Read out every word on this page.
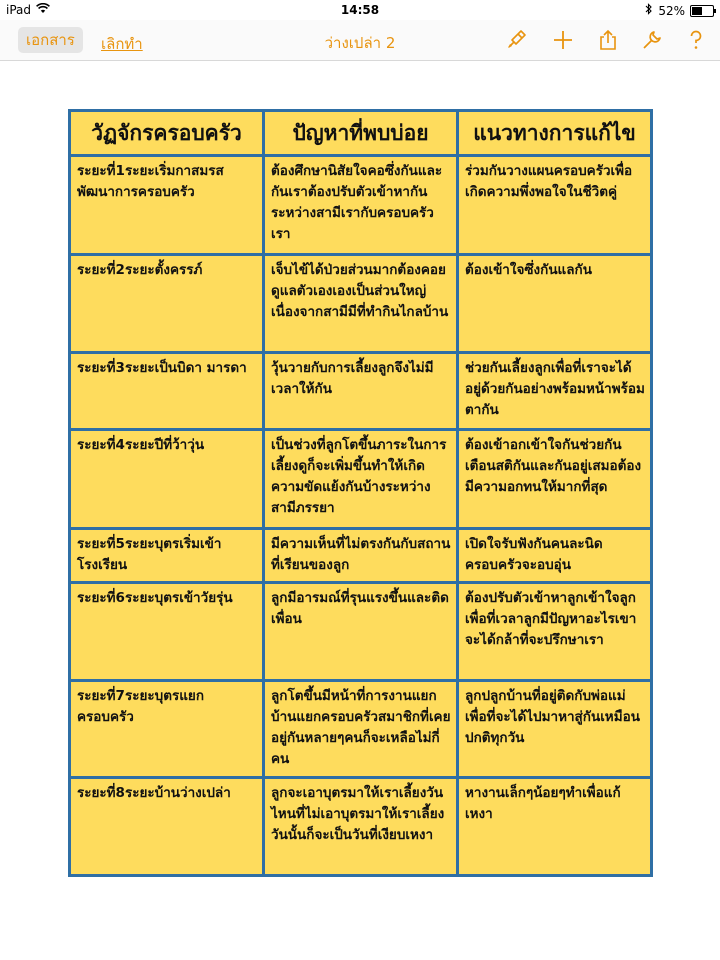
iPad	14:58	52%
เอกสาร	เลิกทำ	ว่างเปล่า 2
วัฏจักรครอบครัว	ปัญหาที่พบบ่อย	แนวทางการแก้ไข
ระยะที่1ระยะเริ่มกาสมรสพัฒนาการครอบครัว	ต้องศึกษานิสัยใจคอซึ่งกันและกันเราต้องปรับตัวเข้าหากันระหว่างสามีเรากับครอบครัวเรา	ร่วมกันวางแผนครอบครัวเพื่อเกิดความพึ่งพอใจในชีวิตคู่
ระยะที่2ระยะตั้งครรภ์	เจ็บไข้ได้ป่วยส่วนมากต้องคอยดูแลตัวเองเองเป็นส่วนใหญ่เนื่องจากสามีมีที่ทำกินไกลบ้าน	ต้องเข้าใจซึ่งกันแลกัน
ระยะที่3ระยะเป็นบิดา มารดา	วุ้นวายกับการเลี้ยงลูกจึงไม่มีเวลาให้กัน	ช่วยกันเลี้ยงลูกเพื่อที่เราจะได้อยู่ด้วยกันอย่างพร้อมหน้าพร้อมตากัน
ระยะที่4ระยะปีที่ว้าวุ่น	เป็นช่วงที่ลูกโตขึ้นภาระในการเลี้ยงดูก็จะเพิ่มขึ้นทำให้เกิดความขัดแย้งกันบ้างระหว่างสามีภรรยา	ต้องเข้าอกเข้าใจกันช่วยกันเตือนสติกันและกันอยู่เสมอต้องมีความอกทนให้มากที่สุด
ระยะที่5ระยะบุตรเริ่มเข้าโรงเรียน	มีความเห็นที่ไม่ตรงกันกับสถานที่เรียนของลูก	เปิดใจรับฟังกันคนละนิดครอบครัวจะอบอุ่น
ระยะที่6ระยะบุตรเข้าวัยรุ่น	ลูกมีอารมณ์ที่รุนแรงขึ้นและติดเพื่อน	ต้องปรับตัวเข้าหาลูกเข้าใจลูกเพื่อที่เวลาลูกมีปัญหาอะไรเขาจะได้กล้าที่จะปรึกษาเรา
ระยะที่7ระยะบุตรแยกครอบครัว	ลูกโตขึ้นมีหน้าที่การงานแยกบ้านแยกครอบครัวสมาชิกที่เคยอยู่กันหลายๆคนก็จะเหลือไม่กี่คน	ลูกปลูกบ้านที่อยู่ติดกับพ่อแม่เพื่อที่จะได้ไปมาหาสู่กันเหมือนปกติทุกวัน
ระยะที่8ระยะบ้านว่างเปล่า	ลูกจะเอาบุตรมาให้เราเลี้ยงวันไหนที่ไม่เอาบุตรมาให้เราเลี้ยงวันนั้นก็จะเป็นวันที่เงียบเหงา	หางานเล็กๆน้อยๆทำเพื่อแก้เหงา
